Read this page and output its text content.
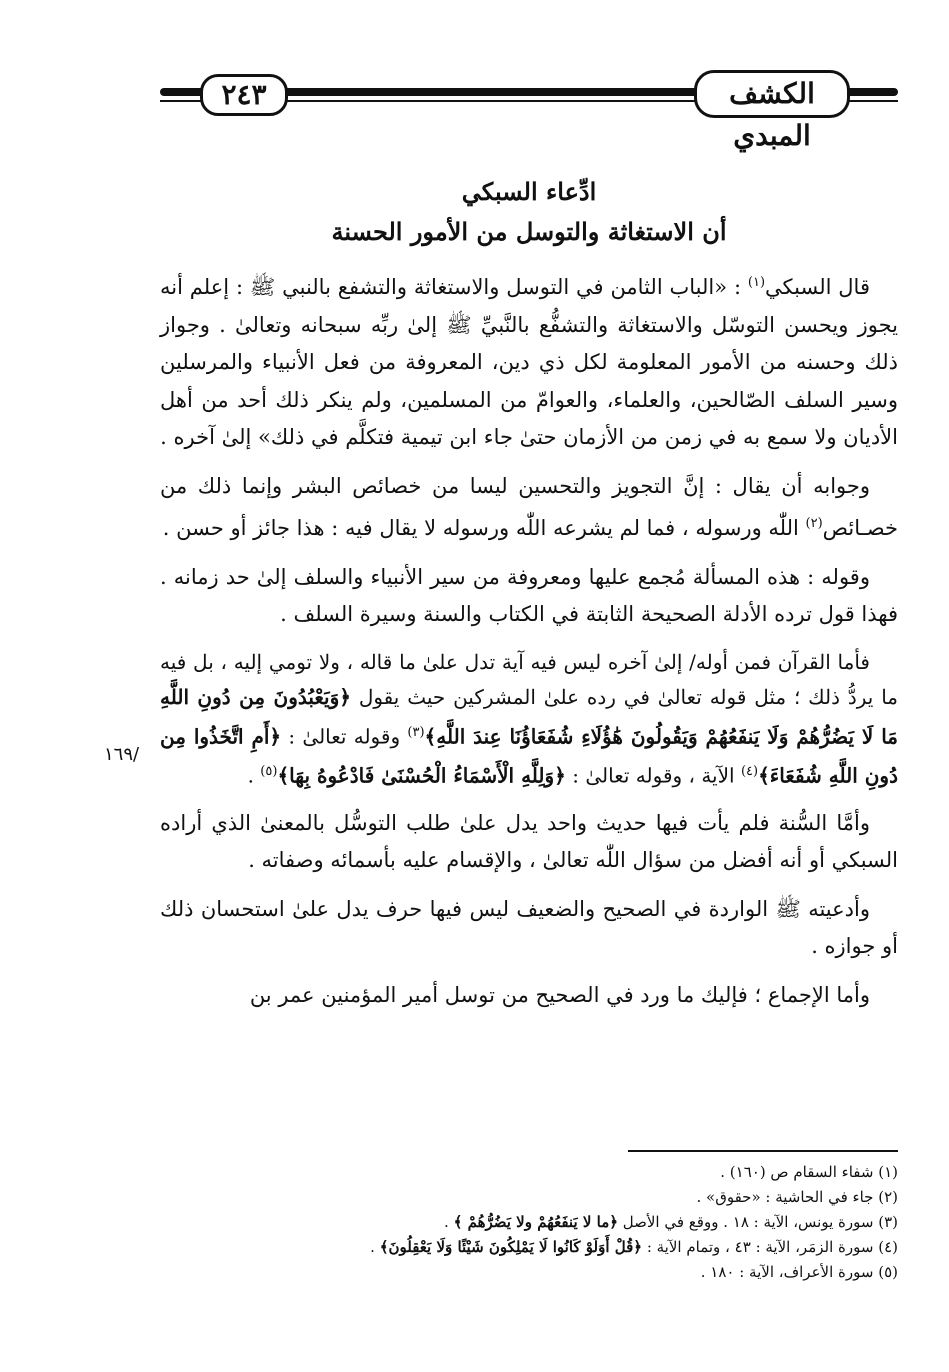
٢٤٣	الكشف المبدي
١٦٩/
ادِّعاء السبكي
أن الاستغاثة والتوسل من الأمور الحسنة

قال السبكي$^{(١)}$ : «الباب الثامن في التوسل والاستغاثة والتشفع بالنبي ﷺ : إعلم أنه يجوز ويحسن التوسّل والاستغاثة والتشفُّع بالنَّبيِّ ﷺ إلىٰ ربِّه سبحانه وتعالىٰ . وجواز ذلك وحسنه من الأمور المعلومة لكل ذي دين، المعروفة من فعل الأنبياء والمرسلين وسير السلف الصّالحين، والعلماء، والعوامّ من المسلمين، ولم ينكر ذلك أحد من أهل الأديان ولا سمع به في زمن من الأزمان حتىٰ جاء ابن تيمية فتكلَّم في ذلك» إلىٰ آخره .

وجوابه أن يقال : إنَّ التجويز والتحسين ليسا من خصائص البشر وإنما ذلك من خصـائص$^{(٢)}$ اللّٰه ورسوله ، فما لم يشرعه اللّٰه ورسوله لا يقال فيه : هذا جائز أو حسن .

وقوله : هذه المسألة مُجمع عليها ومعروفة من سير الأنبياء والسلف إلىٰ حد زمانه . فهذا قول ترده الأدلة الصحيحة الثابتة في الكتاب والسنة وسيرة السلف .

فأما القرآن فمن أوله/ إلىٰ آخره ليس فيه آية تدل علىٰ ما قاله ، ولا تومي إليه ، بل فيه ما يردُّ ذلك ؛ مثل قوله تعالىٰ في رده علىٰ المشركين حيث يقول ﴿وَيَعْبُدُونَ مِن دُونِ اللَّهِ مَا لَا يَضُرُّهُمْ وَلَا يَنفَعُهُمْ وَيَقُولُونَ هَٰؤُلَاءِ شُفَعَاؤُنَا عِندَ اللَّهِ﴾$^{(٣)}$ وقوله تعالىٰ : ﴿أَمِ اتَّخَذُوا مِن دُونِ اللَّهِ شُفَعَاءَ﴾$^{(٤)}$ الآية ، وقوله تعالىٰ : ﴿وَلِلَّهِ الْأَسْمَاءُ الْحُسْنَىٰ فَادْعُوهُ بِهَا﴾$^{(٥)}$ .

وأمَّا السُّنة فلم يأت فيها حديث واحد يدل علىٰ طلب التوسُّل بالمعنىٰ الذي أراده السبكي أو أنه أفضل من سؤال اللّٰه تعالىٰ ، والإقسام عليه بأسمائه وصفاته .

وأدعيته ﷺ الواردة في الصحيح والضعيف ليس فيها حرف يدل علىٰ استحسان ذلك أو جوازه .

وأما الإجماع ؛ فإليك ما ورد في الصحيح من توسل أمير المؤمنين عمر بن

(١) شفاء السقام ص (١٦٠) .

(٢) جاء في الحاشية : «حقوق» .

(٣) سورة يونس، الآية : ١٨ . ووقع في الأصل ﴿ما لا يَنفَعُهُمْ ولا يَضُرُّهُمْ ﴾ .

(٤) سورة الزمَر، الآية : ٤٣ ، وتمام الآية : ﴿قُلْ أَوَلَوْ كَانُوا لَا يَمْلِكُونَ شَيْئًا وَلَا يَعْقِلُونَ﴾ .

(٥) سورة الأعراف، الآية : ١٨٠ .
